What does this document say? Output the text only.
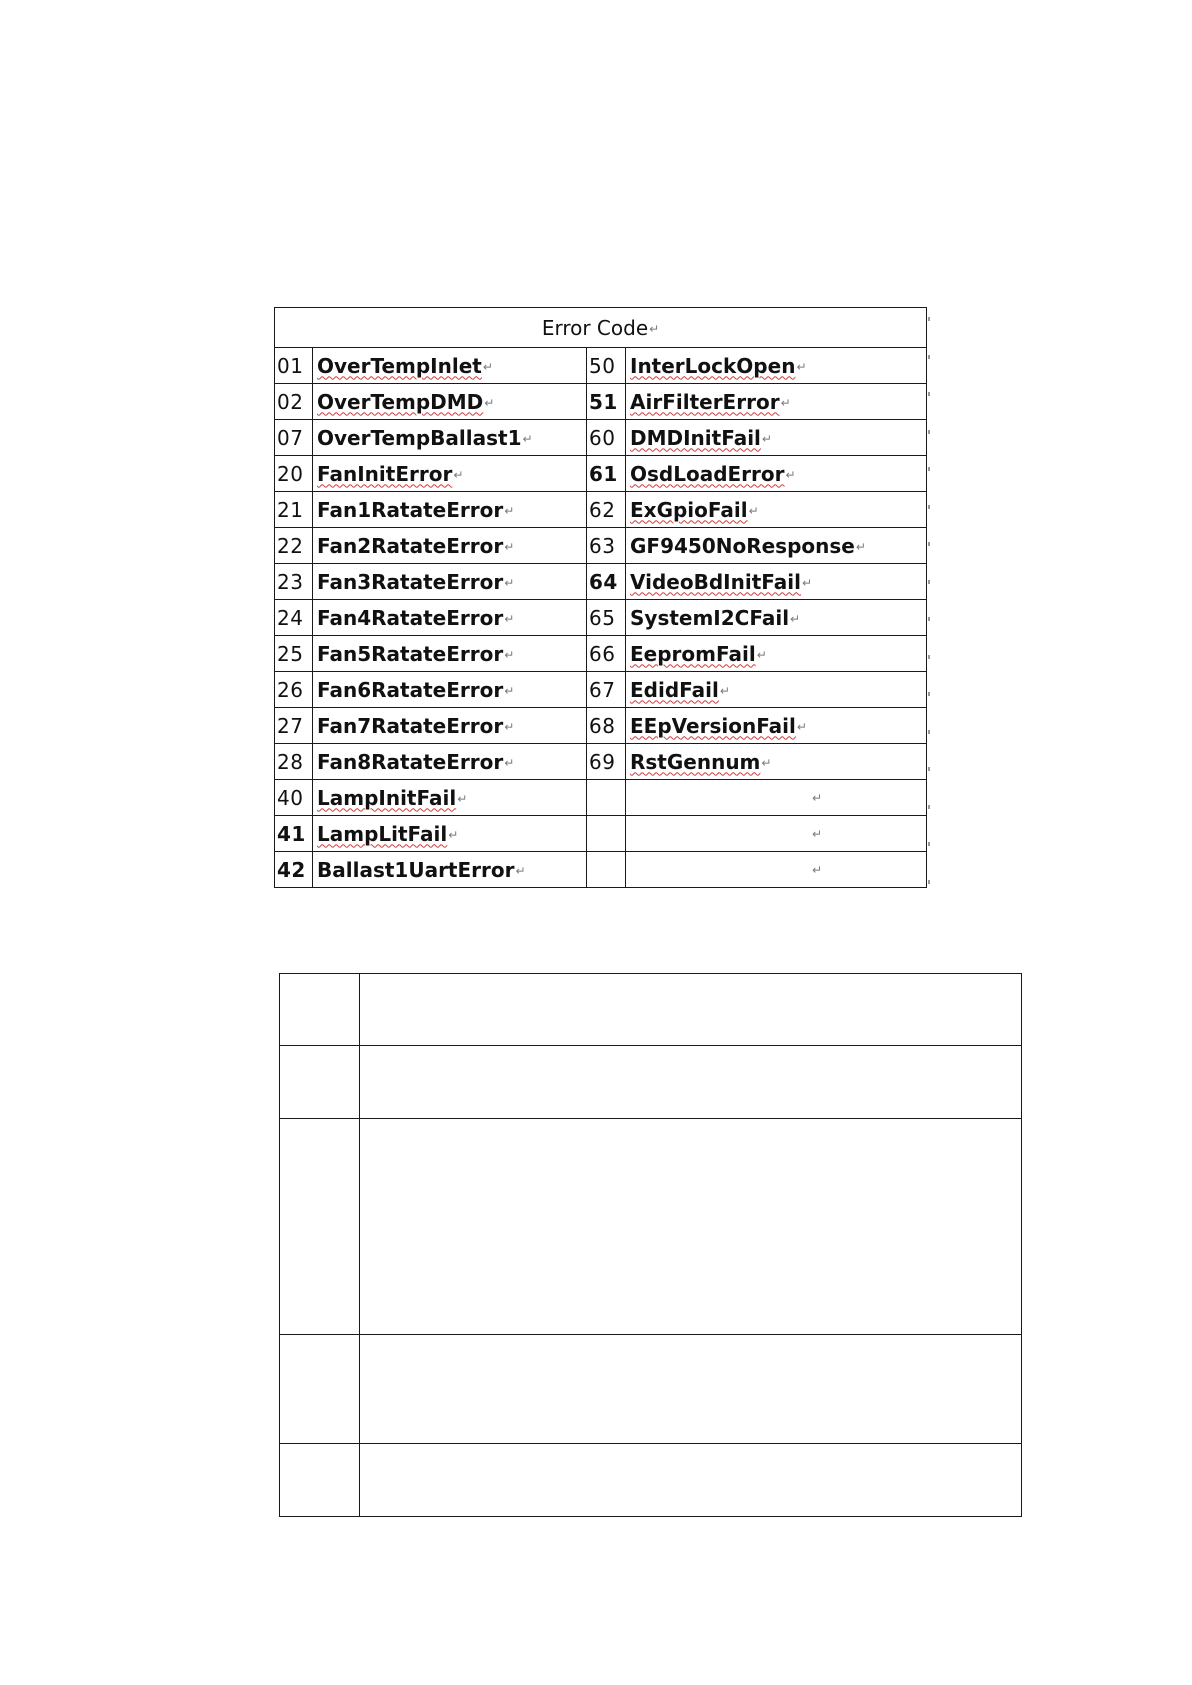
Error Code↵			
01	OverTempInlet↵	50	InterLockOpen↵
02	OverTempDMD↵	51	AirFilterError↵
07	OverTempBallast1↵	60	DMDInitFail↵
20	FanInitError↵	61	OsdLoadError↵
21	Fan1RatateError↵	62	ExGpioFail↵
22	Fan2RatateError↵	63	GF9450NoResponse↵
23	Fan3RatateError↵	64	VideoBdInitFail↵
24	Fan4RatateError↵	65	SystemI2CFail↵
25	Fan5RatateError↵	66	EepromFail↵
26	Fan6RatateError↵	67	EdidFail↵
27	Fan7RatateError↵	68	EEpVersionFail↵
28	Fan8RatateError↵	69	RstGennum↵
40	LampInitFail↵		↵

41	LampLitFail↵		↵

42	Ballast1UartError↵		↵
